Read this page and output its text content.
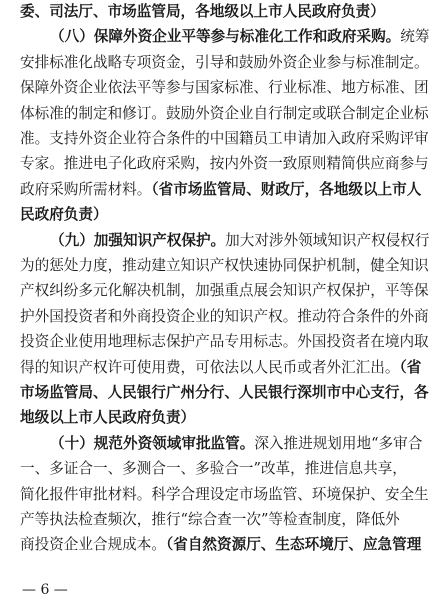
委、司法厅、市场监管局，各地级以上市人民政府负责）
（八）保障外资企业平等参与标准化工作和政府采购。统筹
安排标准化战略专项资金，引导和鼓励外资企业参与标准制定。
保障外资企业依法平等参与国家标准、行业标准、地方标准、团
体标准的制定和修订。鼓励外资企业自行制定或联合制定企业标
准。支持外资企业符合条件的中国籍员工申请加入政府采购评审
专家。推进电子化政府采购，按内外资一致原则精简供应商参与
政府采购所需材料。（省市场监管局、财政厅，各地级以上市人
民政府负责）
（九）加强知识产权保护。加大对涉外领域知识产权侵权行
为的惩处力度，推动建立知识产权快速协同保护机制，健全知识
产权纠纷多元化解决机制，加强重点展会知识产权保护，平等保
护外国投资者和外商投资企业的知识产权。推动符合条件的外商
投资企业使用地理标志保护产品专用标志。外国投资者在境内取
得的知识产权许可使用费，可依法以人民币或者外汇汇出。（省
市场监管局、人民银行广州分行、人民银行深圳市中心支行，各
地级以上市人民政府负责）
（十）规范外资领域审批监管。深入推进规划用地“多审合
一、多证合一、多测合一、多验合一”改革，推进信息共享，
简化报件审批材料。科学合理设定市场监管、环境保护、安全生
产等执法检查频次，推行“综合查一次”等检查制度，降低外
商投资企业合规成本。（省自然资源厅、生态环境厅、应急管理
— 6 —
